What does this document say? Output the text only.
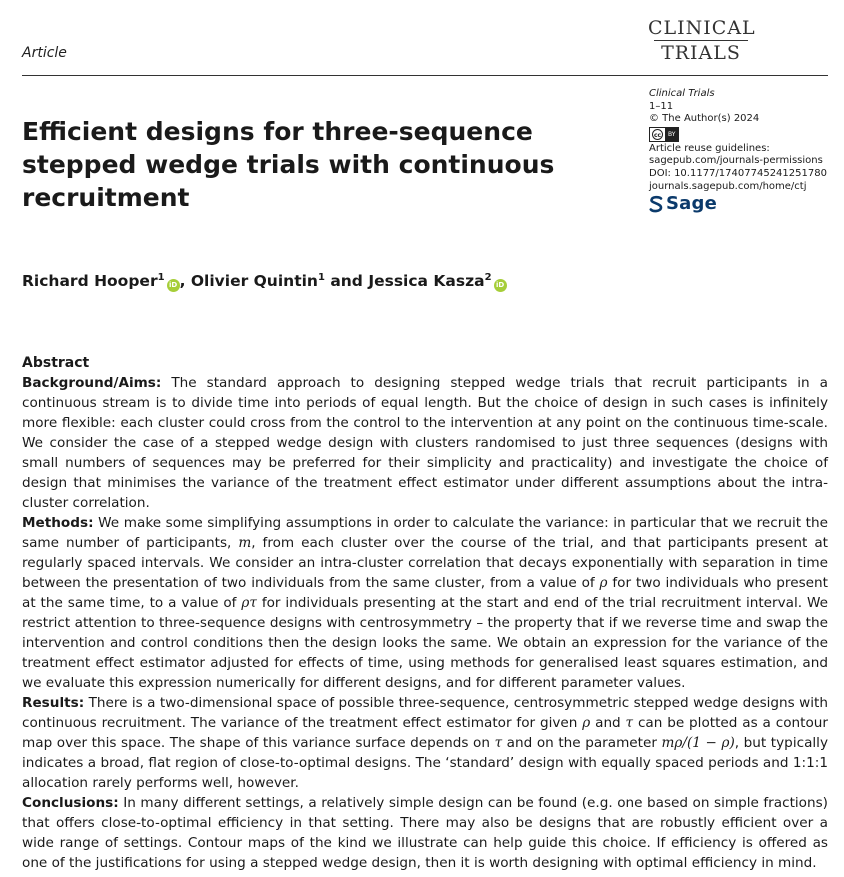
Article
CLINICAL
TRIALS
Efficient designs for three-sequence stepped wedge trials with continuous recruitment
Clinical Trials
1–11
© The Author(s) 2024
cc	BY
Article reuse guidelines:
sagepub.com/journals-permissions
DOI: 10.1177/17407745241251780
journals.sagepub.com/home/ctj
Sage
Richard Hooper$^1$iD , Olivier Quintin$^1$ and Jessica Kasza$^2$iD

Abstract

Background/Aims: The standard approach to designing stepped wedge trials that recruit participants in a continuous stream is to divide time into periods of equal length. But the choice of design in such cases is infinitely more flexible: each cluster could cross from the control to the intervention at any point on the continuous time-scale. We consider the case of a stepped wedge design with clusters randomised to just three sequences (designs with small numbers of sequences may be preferred for their simplicity and practicality) and investigate the choice of design that minimises the variance of the treatment effect estimator under different assumptions about the intra-cluster correlation.

Methods: We make some simplifying assumptions in order to calculate the variance: in particular that we recruit the same number of participants, m, from each cluster over the course of the trial, and that participants present at regularly spaced intervals. We consider an intra-cluster correlation that decays exponentially with separation in time between the presentation of two individuals from the same cluster, from a value of ρ for two individuals who present at the same time, to a value of ρτ for individuals presenting at the start and end of the trial recruitment interval. We restrict attention to three-sequence designs with centrosymmetry – the property that if we reverse time and swap the intervention and control conditions then the design looks the same. We obtain an expression for the variance of the treatment effect estimator adjusted for effects of time, using methods for generalised least squares estimation, and we evaluate this expression numerically for different designs, and for different parameter values.

Results: There is a two-dimensional space of possible three-sequence, centrosymmetric stepped wedge designs with continuous recruitment. The variance of the treatment effect estimator for given ρ and τ can be plotted as a contour map over this space. The shape of this variance surface depends on τ and on the parameter mρ/(1 − ρ), but typically indicates a broad, flat region of close-to-optimal designs. The ‘standard’ design with equally spaced periods and 1:1:1 allocation rarely performs well, however.

Conclusions: In many different settings, a relatively simple design can be found (e.g. one based on simple fractions) that offers close-to-optimal efficiency in that setting. There may also be designs that are robustly efficient over a wide range of settings. Contour maps of the kind we illustrate can help guide this choice. If efficiency is offered as one of the justifications for using a stepped wedge design, then it is worth designing with optimal efficiency in mind.
